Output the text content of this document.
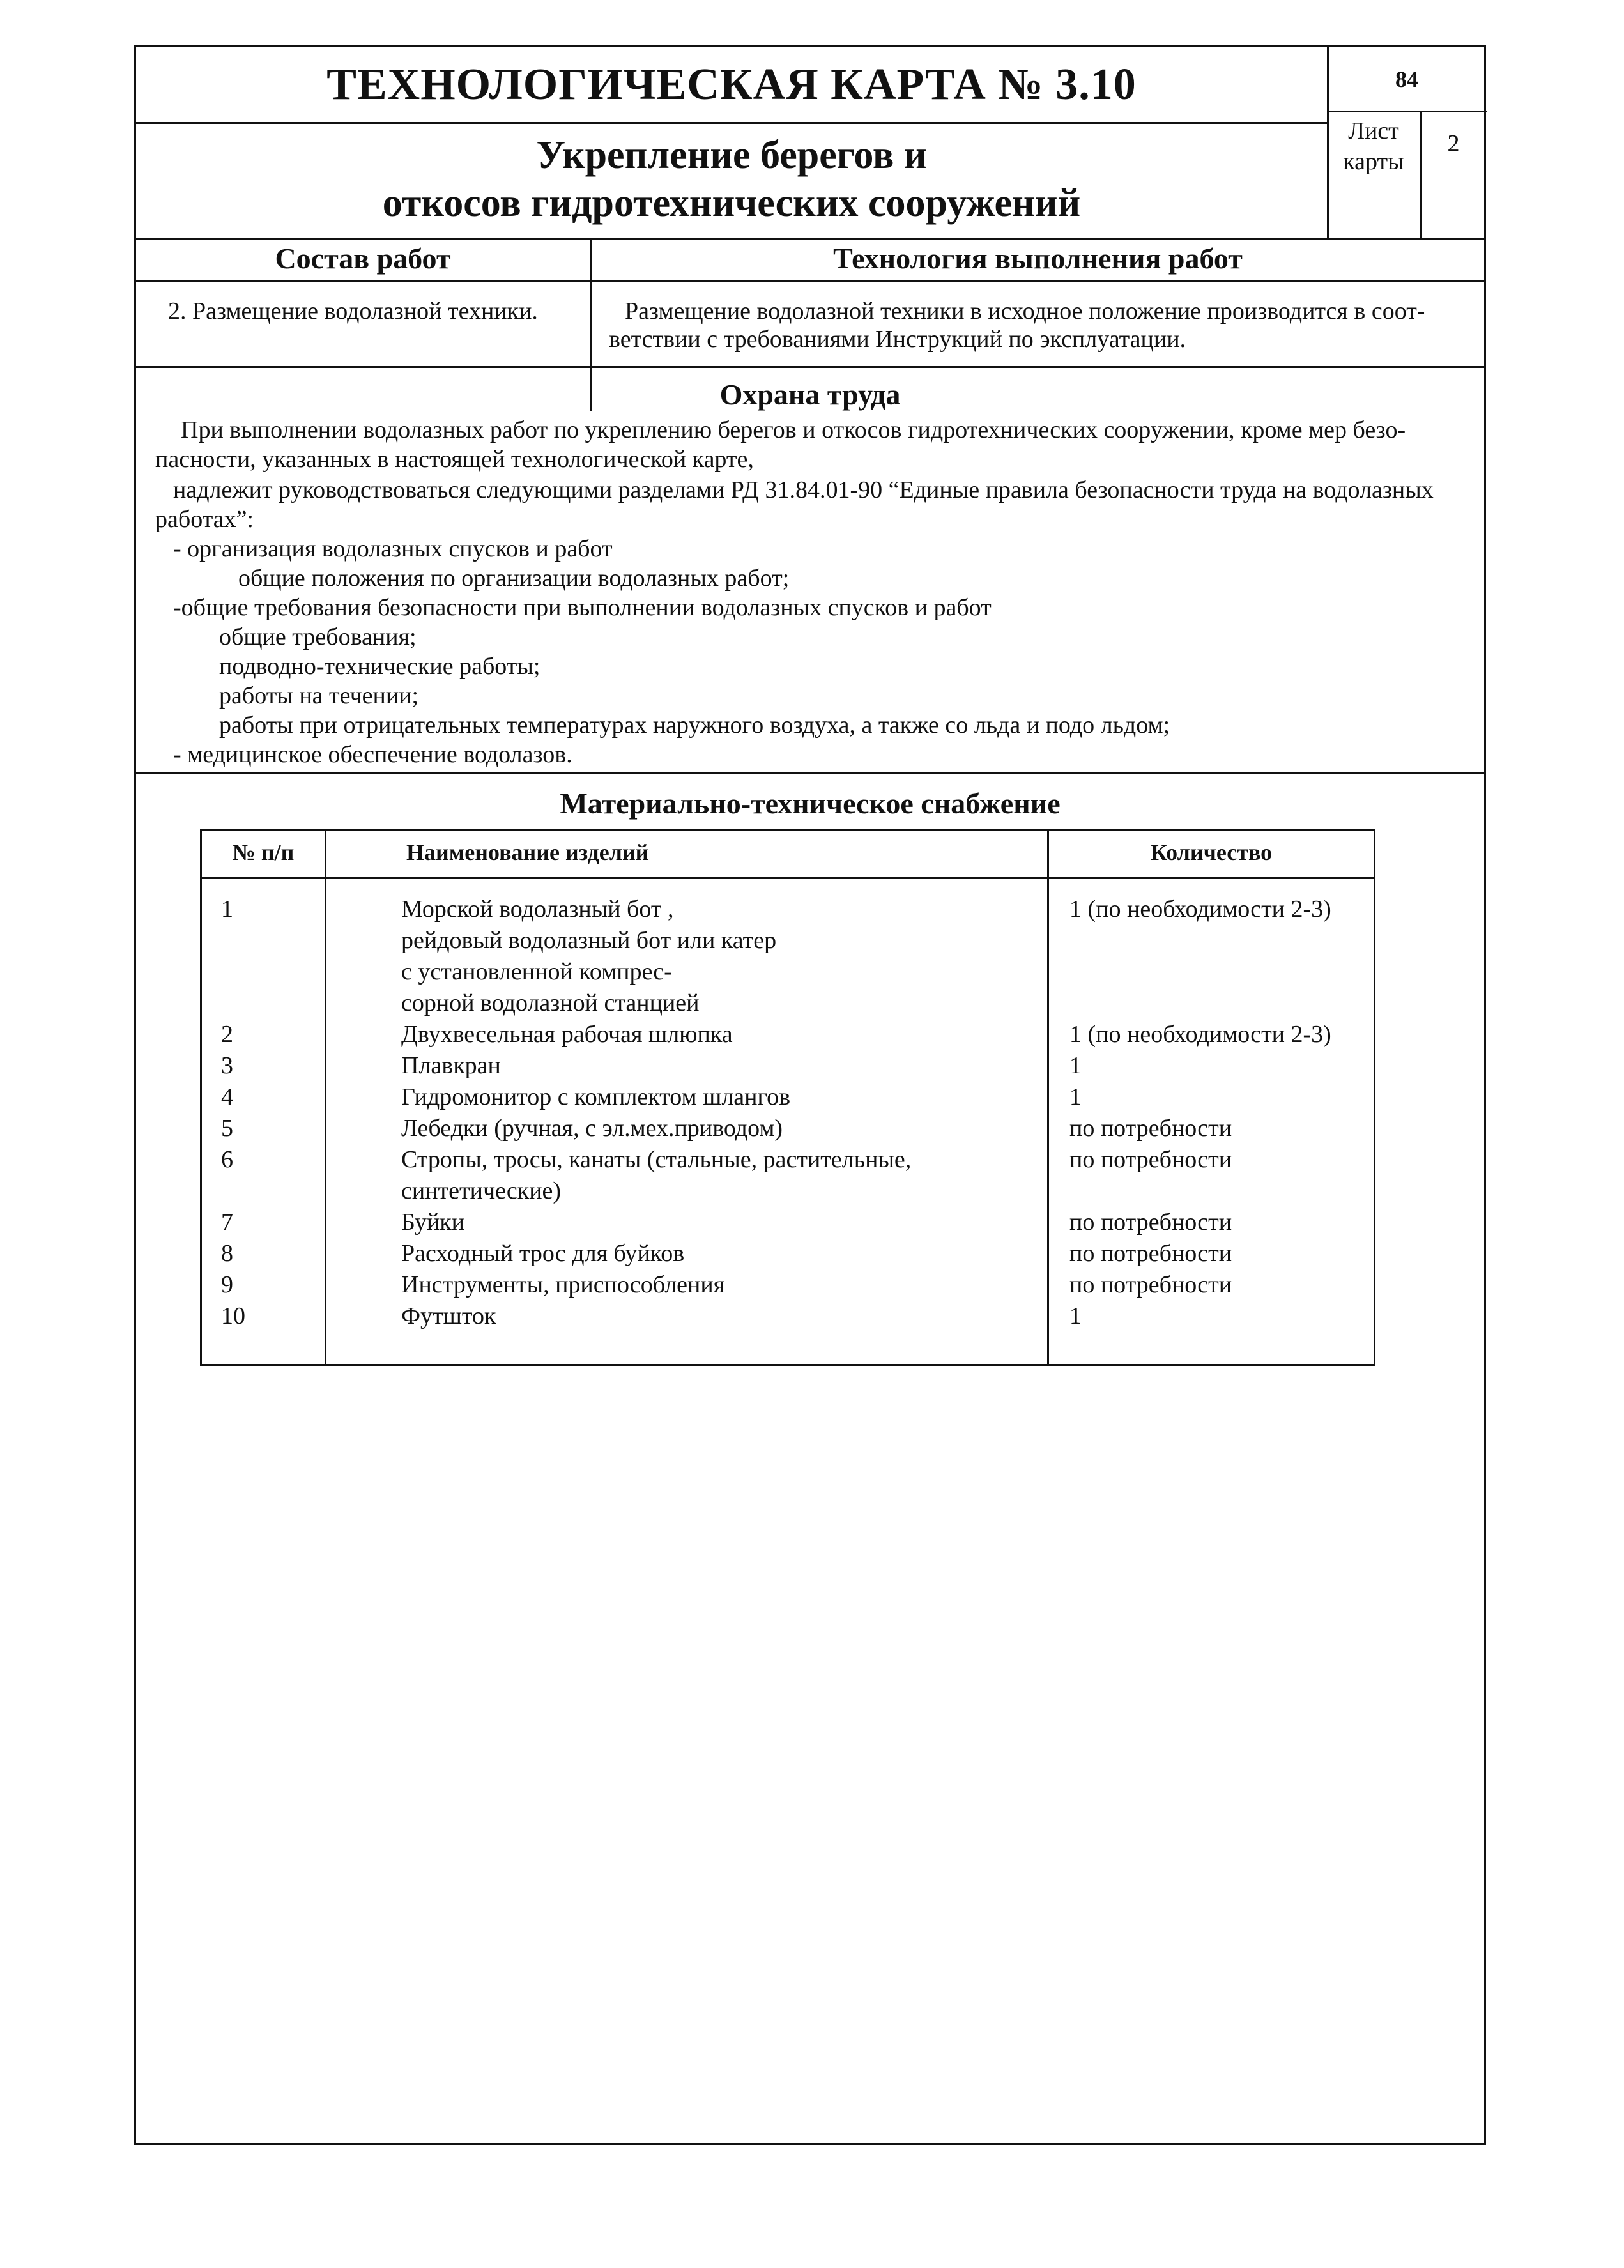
ТЕХНОЛОГИЧЕСКАЯ КАРТА № 3.10
Укрепление берегов и
откосов гидротехнических сооружений
84
Лист
карты
2
Состав работ	Технология выполнения работ
2. Размещение водолазной техники.	Размещение водолазной техники в исходное положение производится в соот-
ветствии с требованиями Инструкций по эксплуатации.
Охрана труда
При выполнении водолазных работ по укреплению берегов и откосов гидротехнических сооружении, кроме мер безо-
пасности, указанных в настоящей технологической карте,
надлежит руководствоваться следующими разделами РД 31.84.01-90 “Единые правила безопасности труда на водолазных
работах”:
- организация водолазных спусков и работ
общие положения по организации водолазных работ;
-общие требования безопасности при выполнении водолазных спусков и работ
общие требования;
подводно-технические работы;
работы на течении;
работы при отрицательных температурах наружного воздуха, а также со льда и подо льдом;
- медицинское обеспечение водолазов.
Материально-техническое снабжение
№ п/п	Наименование изделий	Количество
1	Морской водолазный бот ,	1 (по необходимости 2-3)
рейдовый водолазный бот или катер
с установленной компрес-
сорной водолазной станцией
2	Двухвесельная рабочая шлюпка	1 (по необходимости 2-3)
3	Плавкран	1
4	Гидромонитор с комплектом шлангов	1
5	Лебедки (ручная, с эл.мех.приводом)	по потребности
6	Стропы, тросы, канаты (стальные, растительные,	по потребности
синтетические)
7	Буйки	по потребности
8	Расходный трос для буйков	по потребности
9	Инструменты, приспособления	по потребности
10	Футшток	1
